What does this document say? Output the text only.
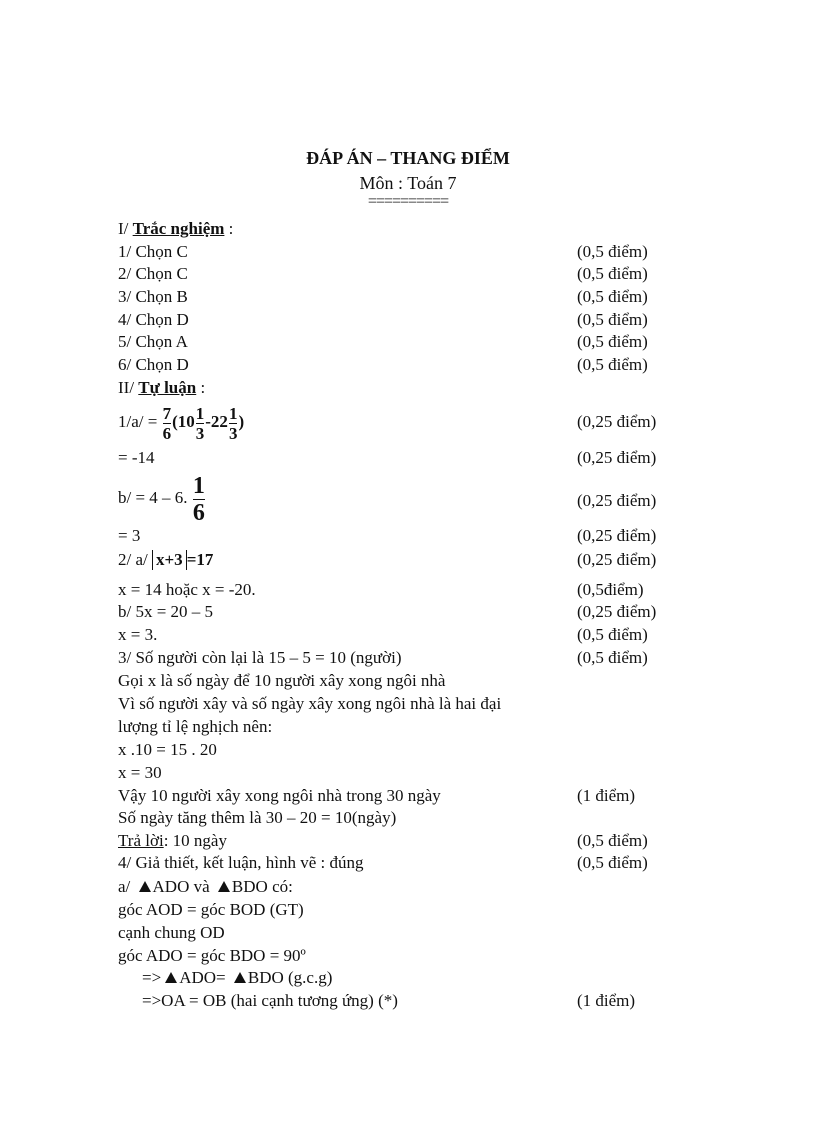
ĐÁP ÁN – THANG ĐIỂM
Môn : Toán 7
==========
I/ Trắc nghiệm :
1/ Chọn C	(0,5 điểm)
2/ Chọn C	(0,5 điểm)
3/ Chọn B	(0,5 điểm)
4/ Chọn D	(0,5 điểm)
5/ Chọn A	(0,5 điểm)
6/ Chọn D	(0,5 điểm)
II/ Tự luận :
$1/a/ = \frac{7}{6} (10 \frac{1}{3} -22 \frac{1}{3}$ )	(0,25 điểm)
= -14	(0,25 điểm)
b/ = 4 – 6. $\frac{1}{6}$	(0,25 điểm)
= 3	(0,25 điểm)
2/ a/ x+3 =17	(0,25 điểm)
x = 14 hoặc x = -20.	(0,5điểm)
b/ 5x = 20 – 5	(0,25 điểm)
x = 3.	(0,5 điểm)
3/ Số người còn lại là 15 – 5 = 10 (người)	(0,5 điểm)
Gọi x là số ngày để 10 người xây xong ngôi nhà
Vì số người xây và số ngày xây xong ngôi nhà là hai đại
lượng tỉ lệ nghịch nên:
x .10 = 15 . 20
x = 30
Vậy 10 người xây xong ngôi nhà trong 30 ngày	(1 điểm)
Số ngày tăng thêm là 30 – 20 = 10(ngày)
Trả lời: 10 ngày	(0,5 điểm)
4/ Giả thiết, kết luận, hình vẽ : đúng	(0,5 điểm)
a/ ADO và BDO có:
góc AOD = góc BOD (GT)
cạnh chung OD
góc ADO = góc BDO = 90º
=> ADO= BDO (g.c.g)
=>OA = OB (hai cạnh tương ứng) (*)	(1 điểm)
